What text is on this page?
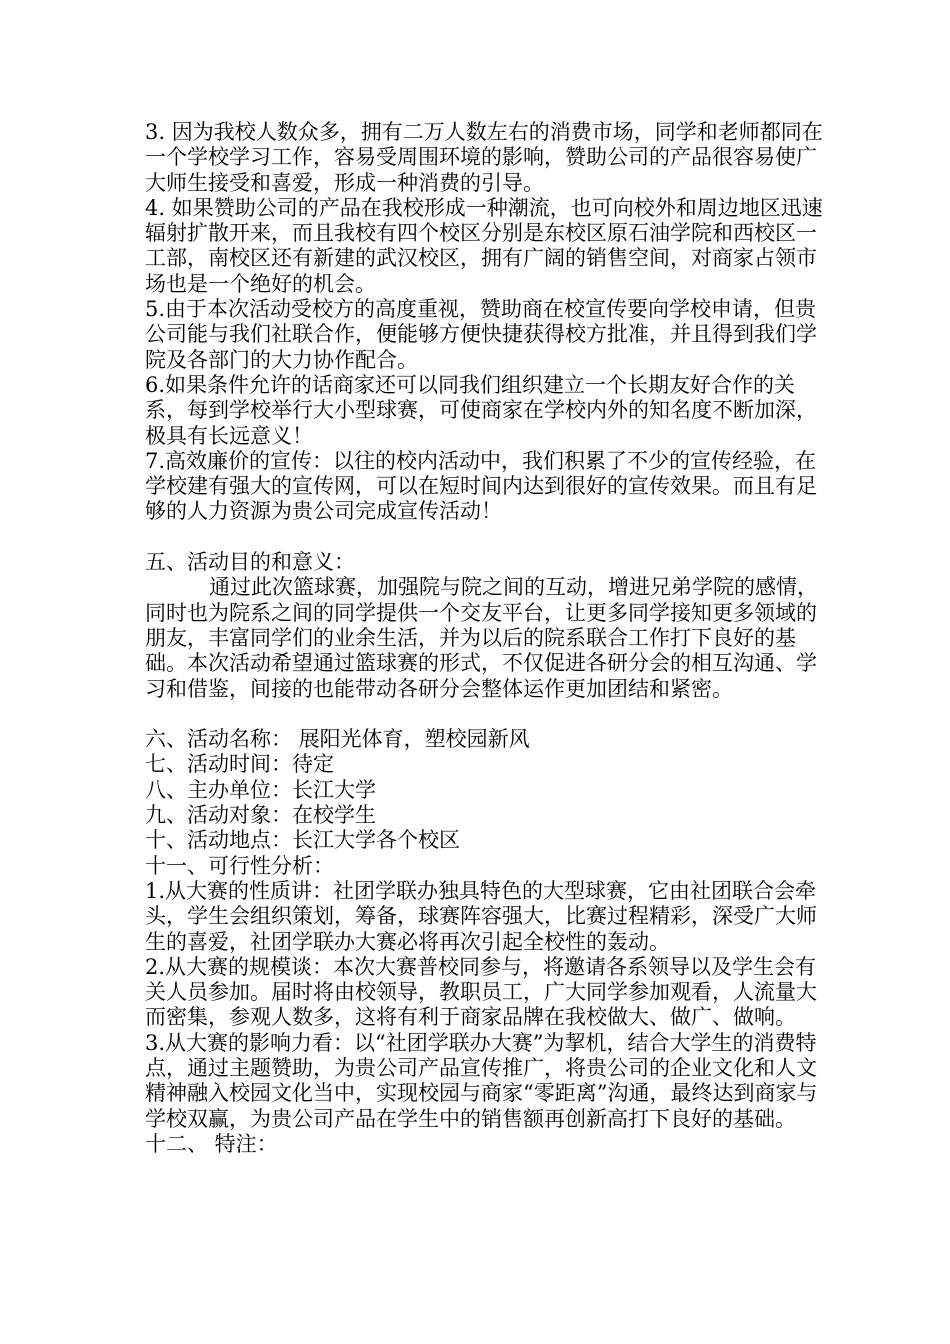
3. 因为我校人数众多，拥有二万人数左右的消费市场，同学和老师都同在一个学校学习工作，容易受周围环境的影响，赞助公司的产品很容易使广大师生接受和喜爱，形成一种消费的引导。

4. 如果赞助公司的产品在我校形成一种潮流，也可向校外和周边地区迅速辐射扩散开来，而且我校有四个校区分别是东校区原石油学院和西校区一工部，南校区还有新建的武汉校区，拥有广阔的销售空间，对商家占领市场也是一个绝好的机会。

5.由于本次活动受校方的高度重视，赞助商在校宣传要向学校申请，但贵公司能与我们社联合作，便能够方便快捷获得校方批准，并且得到我们学院及各部门的大力协作配合。

6.如果条件允许的话商家还可以同我们组织建立一个长期友好合作的关系，每到学校举行大小型球赛，可使商家在学校内外的知名度不断加深，极具有长远意义！

7.高效廉价的宣传：以往的校内活动中，我们积累了不少的宣传经验，在学校建有强大的宣传网，可以在短时间内达到很好的宣传效果。而且有足够的人力资源为贵公司完成宣传活动！

五、活动目的和意义：

通过此次篮球赛，加强院与院之间的互动，增进兄弟学院的感情，同时也为院系之间的同学提供一个交友平台，让更多同学接知更多领域的朋友，丰富同学们的业余生活，并为以后的院系联合工作打下良好的基础。本次活动希望通过篮球赛的形式，不仅促进各研分会的相互沟通、学习和借鉴，间接的也能带动各研分会整体运作更加团结和紧密。

六、活动名称： 展阳光体育，塑校园新风

七、活动时间：待定

八、主办单位：长江大学

九、活动对象：在校学生

十、活动地点：长江大学各个校区

十一、可行性分析：

1.从大赛的性质讲：社团学联办独具特色的大型球赛，它由社团联合会牵头，学生会组织策划，筹备，球赛阵容强大，比赛过程精彩，深受广大师生的喜爱，社团学联办大赛必将再次引起全校性的轰动。

2.从大赛的规模谈：本次大赛普校同参与，将邀请各系领导以及学生会有关人员参加。届时将由校领导，教职员工，广大同学参加观看，人流量大而密集，参观人数多，这将有利于商家品牌在我校做大、做广、做响。

3.从大赛的影响力看：以“社团学联办大赛”为挈机，结合大学生的消费特点，通过主题赞助，为贵公司产品宣传推广，将贵公司的企业文化和人文精神融入校园文化当中，实现校园与商家“零距离”沟通，最终达到商家与学校双赢，为贵公司产品在学生中的销售额再创新高打下良好的基础。

十二、 特注：
